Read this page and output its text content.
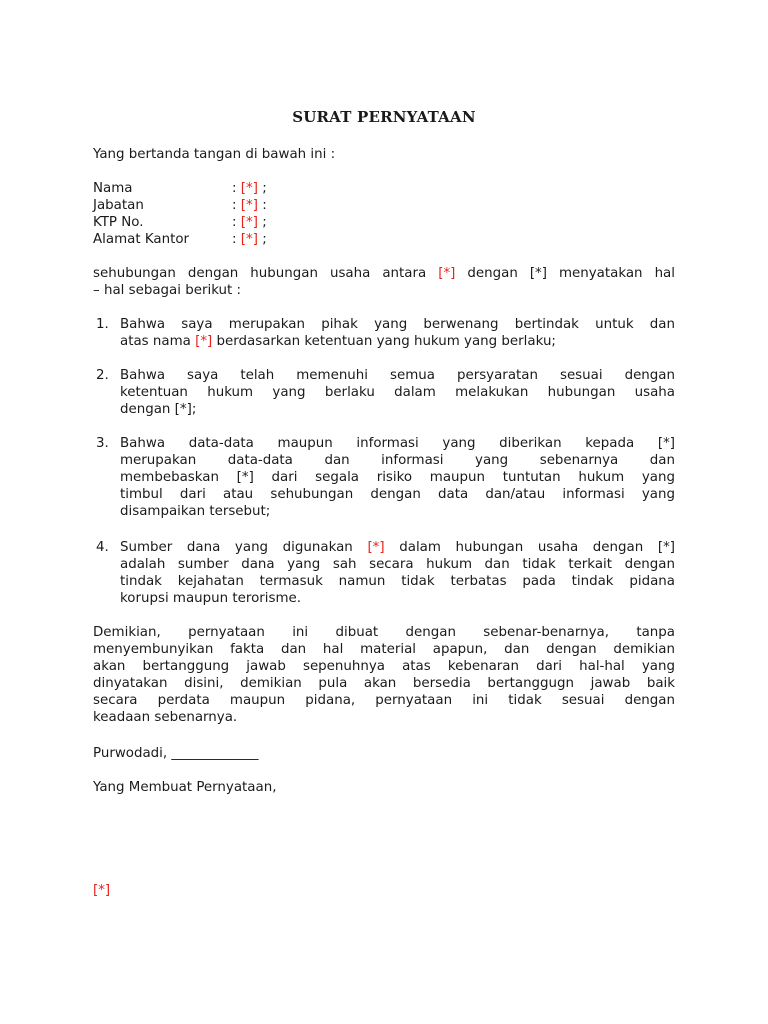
SURAT PERNYATAAN
Yang bertanda tangan di bawah ini :
Nama	: [*] ;
Jabatan	: [*] :
KTP No.	: [*] ;
Alamat Kantor	: [*] ;
sehubungan dengan hubungan usaha antara [*] dengan [*] menyatakan hal
– hal sebagai berikut :
1. Bahwa saya merupakan pihak yang berwenang bertindak untuk dan
atas nama [*] berdasarkan ketentuan yang hukum yang berlaku;
2. Bahwa saya telah memenuhi semua persyaratan sesuai dengan
ketentuan hukum yang berlaku dalam melakukan hubungan usaha
dengan [*];
3. Bahwa data-data maupun informasi yang diberikan kepada [*]
merupakan data-data dan informasi yang sebenarnya dan
membebaskan [*] dari segala risiko maupun tuntutan hukum yang
timbul dari atau sehubungan dengan data dan/atau informasi yang
disampaikan tersebut;
4. Sumber dana yang digunakan [*] dalam hubungan usaha dengan [*]
adalah sumber dana yang sah secara hukum dan tidak terkait dengan
tindak kejahatan termasuk namun tidak terbatas pada tindak pidana
korupsi maupun terorisme.
Demikian, pernyataan ini dibuat dengan sebenar-benarnya, tanpa
menyembunyikan fakta dan hal material apapun, dan dengan demikian
akan bertanggung jawab sepenuhnya atas kebenaran dari hal-hal yang
dinyatakan disini, demikian pula akan bersedia bertanggugn jawab baik
secara perdata maupun pidana, pernyataan ini tidak sesuai dengan
keadaan sebenarnya.
Purwodadi, _____________
Yang Membuat Pernyataan,
[*]
